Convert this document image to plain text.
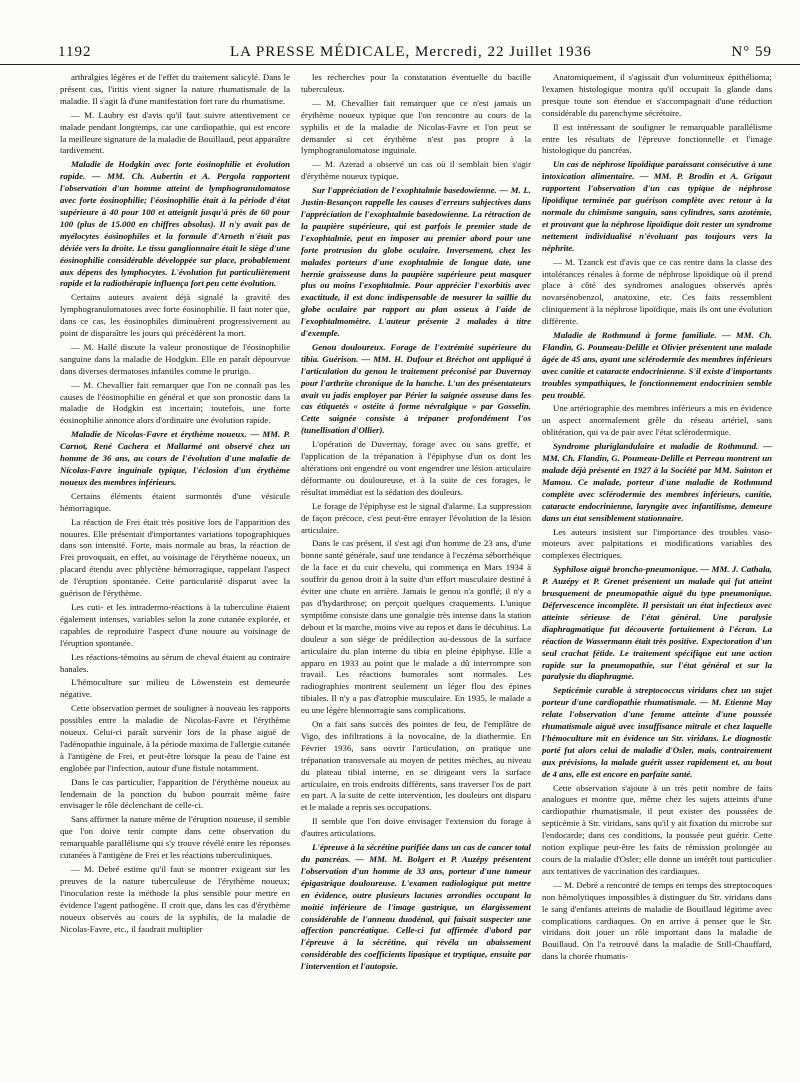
1192	LA PRESSE MÉDICALE, Mercredi, 22 Juillet 1936	N° 59

arthralgies légères et de l'effet du traitement salicylé. Dans le présent cas, l'iritis vient signer la nature rhumatismale de la maladie. Il s'agit là d'une manifestation fort rare du rhumatisme.

— M. Laubry est d'avis qu'il faut suivre attentivement ce malade pendant longtemps, car une cardiopathie, qui est encore la meilleure signature de la maladie de Bouillaud, peut apparaître tardivement.

Maladie de Hodgkin avec forte éosinophilie et évolution rapide. — MM. Ch. Aubertin et A. Pergola rapportent l'observation d'un homme atteint de lymphogranulomatose avec forte éosinophilie; l'éosinophilie était à la période d'état supérieure à 40 pour 100 et atteignit jusqu'à près de 60 pour 100 (plus de 15.000 en chiffres absolus). Il n'y avait pas de myélocytes éosinophiles et la formule d'Arneth n'était pas déviée vers la droite. Le tissu ganglionnaire était le siège d'une éosinophilie considérable développée sur place, probablement aux dépens des lymphocytes. L'évolution fut particulièrement rapide et la radiothérapie influença fort peu cette évolution.

Certains auteurs avaient déjà signalé la gravité des lymphogranulomatoses avec forte éosinophilie. Il faut noter que, dans ce cas, les éosinophiles diminuèrent progressivement au point de disparaître les jours qui précédèrent la mort.

— M. Hallé discute la valeur pronostique de l'éosinophilie sanguine dans la maladie de Hodgkin. Elle en paraît dépourvue dans diverses dermatoses infantiles comme le prurigo.

— M. Chevallier fait remarquer que l'on ne connaît pas les causes de l'éosinophilie en général et que son pronostic dans la maladie de Hodgkin est incertain; toutefois, une forte éosinophilie annonce alors d'ordinaire une évolution rapide.

Maladie de Nicolas-Favre et érythème noueux. — MM. P. Carnot, René Cachera et Mallarmé ont observé chez un homme de 36 ans, au cours de l'évolution d'une maladie de Nicolas-Favre inguinale typique, l'éclosion d'un érythème noueux des membres inférieurs.

Certains éléments étaient surmontés d'une vésicule hémorragique.

La réaction de Frei était très positive lors de l'apparition des nouures. Elle présentait d'importantes variations topographiques dans son intensité. Forte, mais normale au bras, la réaction de Frei provoquait, en effet, au voisinage de l'érythème noueux, un placard étendu avec phlyctène hémorragique, rappelant l'aspect de l'éruption spontanée. Cette particularité disparut avec la guérison de l'érythème.

Les cuti- et les intradermo-réactions à la tuberculine étaient également intenses, variables selon la zone cutanée explorée, et capables de reproduire l'aspect d'une nouure au voisinage de l'éruption spontanée.

Les réactions-témoins au sérum de cheval étaient au contraire banales.

L'hémoculture sur milieu de Löwenstein est demeurée négative.

Cette observation permet de souligner à nouveau les rapports possibles entre la maladie de Nicolas-Favre et l'érythème noueux. Celui-ci paraît survenir lors de la phase aiguë de l'adénopathie inguinale, à la période maxima de l'allergie cutanée à l'antigène de Frei, et peut-être lorsque la peau de l'aine est englobée par l'infection, autour d'une fistule notamment.

Dans le cas particulier, l'apparition de l'érythème noueux au lendemain de la ponction du bubon pourrait même faire envisager le rôle déclenchant de celle-ci.

Sans affirmer la nature même de l'éruption noueuse, il semble que l'on doive tenir compte dans cette observation du remarquable parallélisme qui s'y trouve révélé entre les réponses cutanées à l'antigène de Frei et les réactions tuberculiniques.

— M. Debré estime qu'il faut se montrer exigeant sur les preuves de la nature tuberculeuse de l'érythème noueux; l'inoculation reste la méthode la plus sensible pour mettre en évidence l'agent pathogène. Il croit que, dans les cas d'érythème noueux observés au cours de la syphilis, de la maladie de Nicolas-Favre, etc., il faudrait multiplier

les recherches pour la constatation éventuelle du bacille tuberculeux.

— M. Chevallier fait remarquer que ce n'est jamais un érythème noueux typique que l'on rencontre au cours de la syphilis et de la maladie de Nicolas-Favre et l'on peut se demander si cet érythème n'est pas propre à la lymphogranulomatose inguinale.

— M. Azerad a observé un cas où il semblait bien s'agir d'érythème noueux typique.

Sur l'appréciation de l'exophtalmie basedowienne. — M. L. Justin-Besançon rappelle les causes d'erreurs subjectives dans l'appréciation de l'exophtalmie basedowienne. La rétraction de la paupière supérieure, qui est parfois le premier stade de l'exophtalmie, peut en imposer au premier abord pour une forte protrusion du globe oculaire. Inversement, chez les malades porteurs d'une exophtalmie de longue date, une hernie graisseuse dans la paupière supérieure peut masquer plus ou moins l'exophtalmie. Pour apprécier l'exorbitis avec exactitude, il est donc indispensable de mesurer la saillie du globe oculaire par rapport au plan osseux à l'aide de l'exophtalmomètre. L'auteur présente 2 malades à titre d'exemple.

Genou douloureux. Forage de l'extrémité supérieure du tibia. Guérison. — MM. H. Dufour et Bréchot ont appliqué à l'articulation du genou le traitement préconisé par Duvernay pour l'arthrite chronique de la hanche. L'un des présentateurs avait vu jadis employer par Périer la saignée osseuse dans les cas étiquetés « ostéite à forme névralgique » par Gosselin. Cette saignée consiste à trépaner profondément l'os (tunellisation d'Ollier).

L'opération de Duvernay, forage avec ou sans greffe, et l'application de la trépanation à l'épiphyse d'un os dont les altérations ont engendré ou vont engendrer une lésion articulaire déformante ou douloureuse, et à la suite de ces forages, le résultat immédiat est la sédation des douleurs.

Le forage de l'épiphyse est le signal d'alarme. La suppression de façon précoce, c'est peut-être enrayer l'évolution de la lésion articulaire.

Dans le cas présent, il s'est agi d'un homme de 23 ans, d'une bonne santé générale, sauf une tendance à l'eczéma séborrhéique de la face et du cuir chevelu, qui commença en Mars 1934 à souffrir du genou droit à la suite d'un effort musculaire destiné à éviter une chute en arrière. Jamais le genou n'a gonflé; il n'y a pas d'hydarthrose; on perçoit quelques craquements. L'unique symptôme consiste dans une gonalgie très intense dans la station debout et la marche, moins vive au repos et dans le décubitus. La douleur a son siège de prédilection au-dessous de la surface articulaire du plan interne du tibia en pleine épiphyse. Elle a apparu en 1933 au point que le malade a dû interrompre son travail. Les réactions humorales sont normales. Les radiographies montrent seulement un léger flou des épines tibiales. Il n'y a pas d'atrophie musculaire. En 1935, le malade a eu une légère blennorragie sans complications.

On a fait sans succès des pointes de feu, de l'emplâtre de Vigo, des infiltrations à la novocaïne, de la diathermie. En Février 1936, sans ouvrir l'articulation, on pratique une trépanation transversale au moyen de petites mèches, au niveau du plateau tibial interne, en se dirigeant vers la surface articulaire, en trois endroits différents, sans traverser l'os de part en part. A la suite de cette intervention, les douleurs ont disparu et le malade a repris ses occupations.

Il semble que l'on doive envisager l'extension du forage à d'autres articulations.

L'épreuve à la sécrétine purifiée dans un cas de cancer total du pancréas. — MM. M. Bolgert et P. Auzépy présentent l'observation d'un homme de 33 ans, porteur d'une tumeur épigastrique douloureuse. L'examen radiologique put mettre en évidence, outre plusieurs lacunes arrondies occupant la moitié inférieure de l'image gastrique, un élargissement considérable de l'anneau duodénal, qui faisait suspecter une affection pancréatique. Celle-ci fut affirmée d'abord par l'épreuve à la sécrétine, qui révéla un abaissement considérable des coefficients lipasique et tryptique, ensuite par l'intervention et l'autopsie.

Anatomiquement, il s'agissait d'un volumineux épithélioma; l'examen histologique montra qu'il occupait la glande dans presque toute son étendue et s'accompagnait d'une réduction considérable du parenchyme sécrétoire.

Il est intéressant de souligner le remarquable parallélisme entre les résultats de l'épreuve fonctionnelle et l'image histologique du pancréas.

Un cas de néphrose lipoïdique paraissant consécutive à une intoxication alimentaire. — MM. P. Brodin et A. Grigaut rapportent l'observation d'un cas typique de néphrose lipoïdique terminée par guérison complète avec retour à la normale du chimisme sanguin, sans cylindres, sans azotémie, et prouvant que la néphrose lipoïdique doit rester un syndrome nettement individualisé n'évoluant pas toujours vers la néphrite.

— M. Tzanck est d'avis que ce cas rentre dans la classe des intolérances rénales à forme de néphrose lipoïdique où il prend place à côté des syndromes analogues observés après novarsénobenzol, anatoxine, etc. Ces faits ressemblent cliniquement à la néphrose lipoïdique, mais ils ont une évolution différente.

Maladie de Rothmund à forme familiale. — MM. Ch. Flandin, G. Poumeau-Delille et Olivier présentent une malade âgée de 45 ans, ayant une sclérodermie des membres inférieurs avec canitie et cataracte endocrinienne. S'il existe d'importants troubles sympathiques, le fonctionnement endocrinien semble peu troublé.

Une artériographie des membres inférieurs a mis en évidence un aspect anormalement grêle du réseau artériel, sans oblitération, qui va de pair avec l'état sclérodermique.

Syndrome pluriglandulaire et maladie de Rothmund. — MM. Ch. Flandin, G. Poumeau-Delille et Perreau montrent un malade déjà présenté en 1927 à la Société par MM. Sainton et Mamou. Ce malade, porteur d'une maladie de Rothmund complète avec sclérodermie des membres inférieurs, canitie, cataracte endocrinienne, laryngite avec infantilisme, demeure dans un état sensiblement stationnaire.

Les auteurs insistent sur l'importance des troubles vaso-moteurs avec palpitations et modifications variables des complexes électriques.

Syphilose aiguë broncho-pneumonique. — MM. J. Cathala, P. Auzépy et P. Grenet présentent un malade qui fut atteint brusquement de pneumopathie aiguë du type pneumonique. Défervescence incomplète. Il persistait un état infectieux avec atteinte sérieuse de l'état général. Une paralysie diaphragmatique fut découverte fortuitement à l'écran. La réaction de Wassermann était très positive. Expectoration d'un seul crachat fétide. Le traitement spécifique eut une action rapide sur la pneumopathie, sur l'état général et sur la paralysie du diaphragme.

Septicémie curable à streptococcus viridans chez un sujet porteur d'une cardiopathie rhumatismale. — M. Etienne May relate l'observation d'une femme atteinte d'une poussée rhumatismale aiguë avec insuffisance mitrale et chez laquelle l'hémoculture mit en évidence un Str. viridans. Le diagnostic porté fut alors celui de maladie d'Osler, mais, contrairement aux prévisions, la malade guérit assez rapidement et, au bout de 4 ans, elle est encore en parfaite santé.

Cette observation s'ajoute à un très petit nombre de faits analogues et montre que, même chez les sujets atteints d'une cardiopathie rhumatismale, il peut exister des poussées de septicémie à Str. viridans, sans qu'il y ait fixation du microbe sur l'endocarde; dans ces conditions, la poussée peut guérir. Cette notion explique peut-être les faits de rémission prolongée au cours de la maladie d'Osler; elle donne un intérêt tout particulier aux tentatives de vaccination des cardiaques.

— M. Debré a rencontré de temps en temps des streptocoques non hémolytiques impossibles à distinguer du Str. viridans dans le sang d'enfants atteints de maladie de Bouillaud légitime avec complications cardiaques. On en arrive à penser que le Str. viridans doit jouer un rôle important dans la maladie de Bouillaud. On l'a retrouvé dans la maladie de Still-Chauffard, dans la chorée rhumatis-
